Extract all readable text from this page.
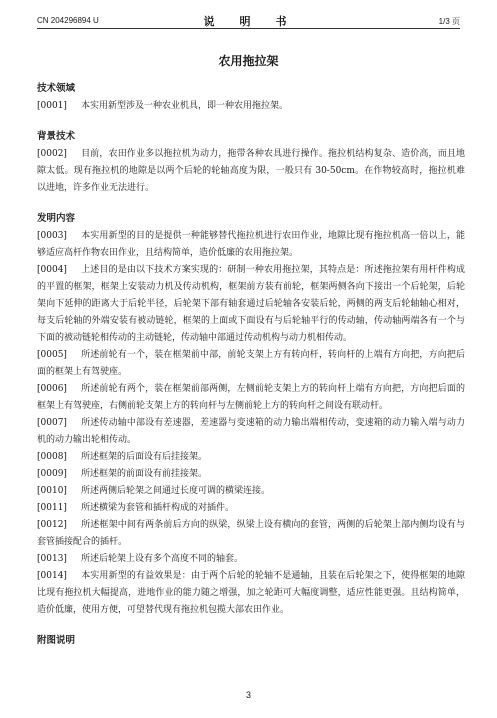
CN 204296894 U	说　明　书	1/3 页
农用拖拉架
技术领域

[0001] 本实用新型涉及一种农业机具，即一种农用拖拉架。

背景技术

[0002] 目前，农田作业多以拖拉机为动力，拖带各种农具进行操作。拖拉机结构复杂、造价高，而且地隙太低。现有拖拉机的地隙是以两个后轮的轮轴高度为限，一般只有 30-50cm。在作物较高时，拖拉机难以进地，许多作业无法进行。

发明内容

[0003] 本实用新型的目的是提供一种能够替代拖拉机进行农田作业，地隙比现有拖拉机高一倍以上，能够适应高杆作物农田作业，且结构简单，造价低廉的农用拖拉架。

[0004] 上述目的是由以下技术方案实现的：研制一种农用拖拉架，其特点是：所述拖拉架有用杆件构成的平置的框架，框架上安装动力机及传动机构，框架前方装有前轮，框架两侧各向下接出一个后轮架，后轮架向下延伸的距离大于后轮半径，后轮架下部有轴套通过后轮轴各安装后轮，两侧的两支后轮轴轴心相对，每支后轮轴的外端安装有被动链轮，框架的上面或下面设有与后轮轴平行的传动轴，传动轴两端各有一个与下面的被动链轮相传动的主动链轮，传动轴中部通过传动机构与动力机相传动。

[0005] 所述前轮有一个，装在框架前中部，前轮支架上方有转向杆，转向杆的上端有方向把，方向把后面的框架上有驾驶座。

[0006] 所述前轮有两个，装在框架前部两侧，左侧前轮支架上方的转向杆上端有方向把，方向把后面的框架上有驾驶座，右侧前轮支架上方的转向杆与左侧前轮上方的转向杆之间设有联动杆。

[0007] 所述传动轴中部设有差速器，差速器与变速箱的动力输出端相传动，变速箱的动力输入端与动力机的动力输出轮相传动。

[0008] 所述框架的后面设有后挂接架。

[0009] 所述框架的前面设有前挂接架。

[0010] 所述两侧后轮架之间通过长度可调的横梁连接。

[0011] 所述横梁为套管和插杆构成的对插件。

[0012] 所述框架中间有两条前后方向的纵梁，纵梁上设有横向的套管，两侧的后轮架上部内侧均设有与套管插接配合的插杆。

[0013] 所述后轮架上设有多个高度不同的轴套。

[0014] 本实用新型的有益效果是：由于两个后轮的轮轴不是通轴，且装在后轮架之下，使得框架的地隙比现有拖拉机大幅提高，进地作业的能力随之增强，加之轮距可大幅度调整，适应性能更强。且结构简单，造价低廉，使用方便，可望替代现有拖拉机包揽大部农田作业。

附图说明
3
